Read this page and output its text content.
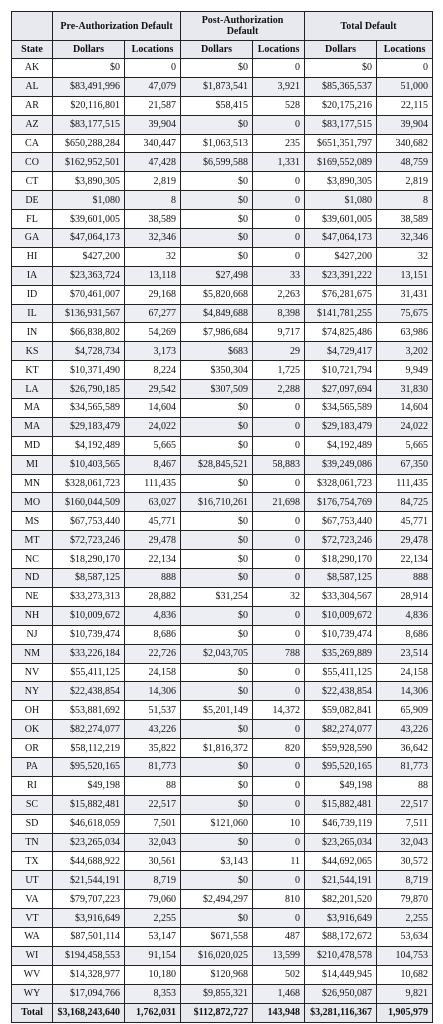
	Pre-Authorization Default		Post-Authorization Default		Total Default	
State	Dollars	Locations	Dollars	Locations	Dollars	Locations
AK	$0	0	$0	0	$0	0
AL	$83,491,996	47,079	$1,873,541	3,921	$85,365,537	51,000
AR	$20,116,801	21,587	$58,415	528	$20,175,216	22,115
AZ	$83,177,515	39,904	$0	0	$83,177,515	39,904
CA	$650,288,284	340,447	$1,063,513	235	$651,351,797	340,682
CO	$162,952,501	47,428	$6,599,588	1,331	$169,552,089	48,759
CT	$3,890,305	2,819	$0	0	$3,890,305	2,819
DE	$1,080	8	$0	0	$1,080	8
FL	$39,601,005	38,589	$0	0	$39,601,005	38,589
GA	$47,064,173	32,346	$0	0	$47,064,173	32,346
HI	$427,200	32	$0	0	$427,200	32
IA	$23,363,724	13,118	$27,498	33	$23,391,222	13,151
ID	$70,461,007	29,168	$5,820,668	2,263	$76,281,675	31,431
IL	$136,931,567	67,277	$4,849,688	8,398	$141,781,255	75,675
IN	$66,838,802	54,269	$7,986,684	9,717	$74,825,486	63,986
KS	$4,728,734	3,173	$683	29	$4,729,417	3,202
KT	$10,371,490	8,224	$350,304	1,725	$10,721,794	9,949
LA	$26,790,185	29,542	$307,509	2,288	$27,097,694	31,830
MA	$34,565,589	14,604	$0	0	$34,565,589	14,604
MA	$29,183,479	24,022	$0	0	$29,183,479	24,022
MD	$4,192,489	5,665	$0	0	$4,192,489	5,665
MI	$10,403,565	8,467	$28,845,521	58,883	$39,249,086	67,350
MN	$328,061,723	111,435	$0	0	$328,061,723	111,435
MO	$160,044,509	63,027	$16,710,261	21,698	$176,754,769	84,725
MS	$67,753,440	45,771	$0	0	$67,753,440	45,771
MT	$72,723,246	29,478	$0	0	$72,723,246	29,478
NC	$18,290,170	22,134	$0	0	$18,290,170	22,134
ND	$8,587,125	888	$0	0	$8,587,125	888
NE	$33,273,313	28,882	$31,254	32	$33,304,567	28,914
NH	$10,009,672	4,836	$0	0	$10,009,672	4,836
NJ	$10,739,474	8,686	$0	0	$10,739,474	8,686
NM	$33,226,184	22,726	$2,043,705	788	$35,269,889	23,514
NV	$55,411,125	24,158	$0	0	$55,411,125	24,158
NY	$22,438,854	14,306	$0	0	$22,438,854	14,306
OH	$53,881,692	51,537	$5,201,149	14,372	$59,082,841	65,909
OK	$82,274,077	43,226	$0	0	$82,274,077	43,226
OR	$58,112,219	35,822	$1,816,372	820	$59,928,590	36,642
PA	$95,520,165	81,773	$0	0	$95,520,165	81,773
RI	$49,198	88	$0	0	$49,198	88
SC	$15,882,481	22,517	$0	0	$15,882,481	22,517
SD	$46,618,059	7,501	$121,060	10	$46,739,119	7,511
TN	$23,265,034	32,043	$0	0	$23,265,034	32,043
TX	$44,688,922	30,561	$3,143	11	$44,692,065	30,572
UT	$21,544,191	8,719	$0	0	$21,544,191	8,719
VA	$79,707,223	79,060	$2,494,297	810	$82,201,520	79,870
VT	$3,916,649	2,255	$0	0	$3,916,649	2,255
WA	$87,501,114	53,147	$671,558	487	$88,172,672	53,634
WI	$194,458,553	91,154	$16,020,025	13,599	$210,478,578	104,753
WV	$14,328,977	10,180	$120,968	502	$14,449,945	10,682
WY	$17,094,766	8,353	$9,855,321	1,468	$26,950,087	9,821
Total	$3,168,243,640	1,762,031	$112,872,727	143,948	$3,281,116,367	1,905,979
